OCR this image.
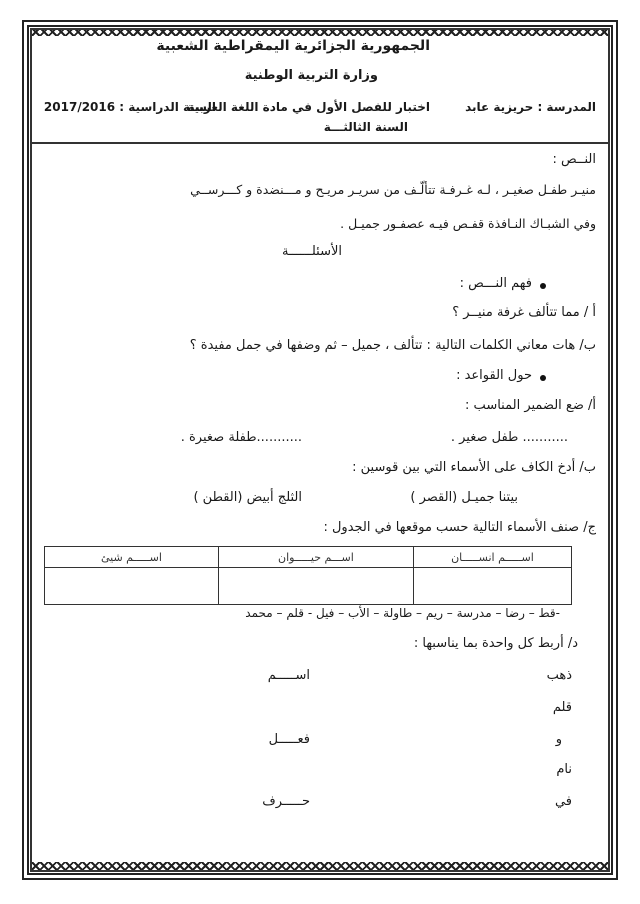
الجمهورية الجزائرية اليمقراطية الشعبية
وزارة التربية الوطنية
المدرسة : حريزية عابد
اختبار للفصل الأول في مادة اللغة العربية
السنة الدراسية : 2017/2016
السنة الثالثـــة
النــص :
منيـر طفـل صغيـر ، لـه غـرفـة تتألّـف من سريـر مريـح و مـــنضدة و كـــرســي
وفي الشبـاك النـافذة قفـص فيـه عصفـور جميـل .
الأسئلــــــة
فهم النـــص :
أ / مما تتألف غرفة منيــر ؟
ب/ هات معاني الكلمات التالية : تتألف ، جميل – ثم وضفها في جمل مفيدة ؟
حول القواعد :
أ/ ضع الضمير المناسب :
........... طفل صغير .
...........طفلة صغيرة .
ب/ أدخ الكاف على الأسماء التي بين قوسين :
بيتنا جميـل (القصر )
الثلج أبيض (القطن )
ج/ صنف الأسماء التالية حسب موقعها في الجدول :
اســـــم شيئ	اســـم حيـــــوان	اســـــم انســـــان

-قط – رضا – مدرسة – ريم – طاولة – الأب – فيل - قلم – محمد
د/ أربط كل واحدة بما يناسبها :
ذهب
قلم
و
نام
في
اســـــم
فعـــــل
حـــــرف
